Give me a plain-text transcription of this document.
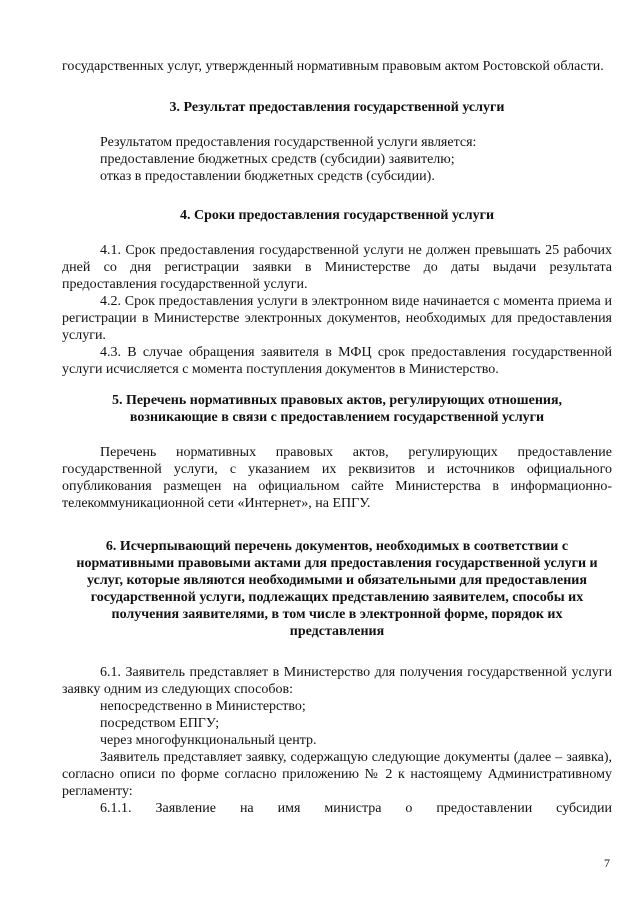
государственных услуг, утвержденный нормативным правовым актом Ростовской области.

3. Результат предоставления государственной услуги

Результатом предоставления государственной услуги является:

предоставление бюджетных средств (субсидии) заявителю;

отказ в предоставлении бюджетных средств (субсидии).

4. Сроки предоставления государственной услуги

4.1. Срок предоставления государственной услуги не должен превышать 25 рабочих дней со дня регистрации заявки в Министерстве до даты выдачи результата предоставления государственной услуги.

4.2. Срок предоставления услуги в электронном виде начинается с момента приема и регистрации в Министерстве электронных документов, необходимых для предоставления услуги.

4.3. В случае обращения заявителя в МФЦ срок предоставления государственной услуги исчисляется с момента поступления документов в Министерство.

5. Перечень нормативных правовых актов, регулирующих отношения, возникающие в связи с предоставлением государственной услуги

Перечень нормативных правовых актов, регулирующих предоставление государственной услуги, с указанием их реквизитов и источников официального опубликования размещен на официальном сайте Министерства в информационно-телекоммуникационной сети «Интернет», на ЕПГУ.

6. Исчерпывающий перечень документов, необходимых в соответствии с нормативными правовыми актами для предоставления государственной услуги и услуг, которые являются необходимыми и обязательными для предоставления государственной услуги, подлежащих представлению заявителем, способы их получения заявителями, в том числе в электронной форме, порядок их представления

6.1. Заявитель представляет в Министерство для получения государственной услуги заявку одним из следующих способов:

непосредственно в Министерство;

посредством ЕПГУ;

через многофункциональный центр.

Заявитель представляет заявку, содержащую следующие документы (далее – заявка), согласно описи по форме согласно приложению № 2 к настоящему Административному регламенту:

6.1.1. Заявление на имя министра о предоставлении субсидии
7
